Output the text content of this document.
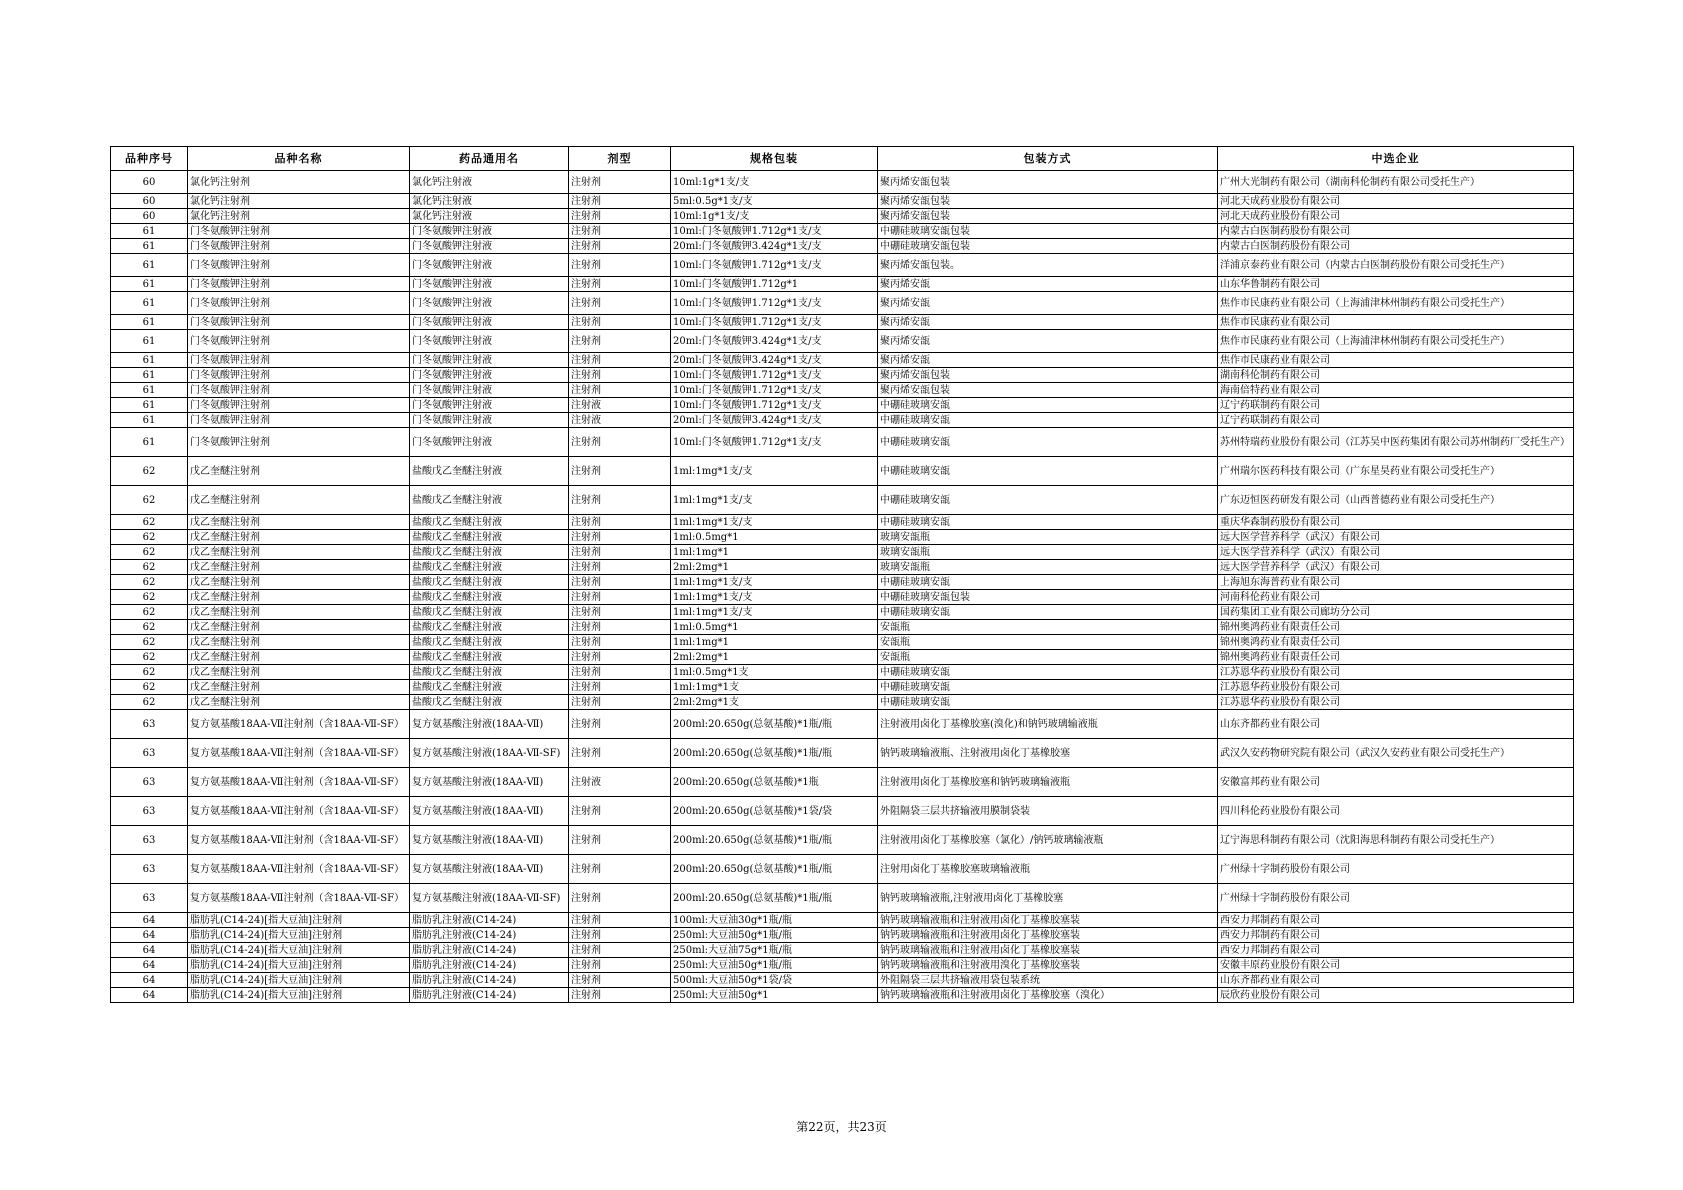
品种序号	品种名称	药品通用名	剂型	规格包装	包装方式	中选企业
60	氯化钙注射剂	氯化钙注射液	注射剂	10ml:1g*1支/支	聚丙烯安瓿包装	广州大光制药有限公司（湖南科伦制药有限公司受托生产）
60	氯化钙注射剂	氯化钙注射液	注射剂	5ml:0.5g*1支/支	聚丙烯安瓿包装	河北天成药业股份有限公司
60	氯化钙注射剂	氯化钙注射液	注射剂	10ml:1g*1支/支	聚丙烯安瓿包装	河北天成药业股份有限公司
61	门冬氨酸钾注射剂	门冬氨酸钾注射液	注射剂	10ml:门冬氨酸钾1.712g*1支/支	中硼硅玻璃安瓿包装	内蒙古白医制药股份有限公司
61	门冬氨酸钾注射剂	门冬氨酸钾注射液	注射剂	20ml:门冬氨酸钾3.424g*1支/支	中硼硅玻璃安瓿包装	内蒙古白医制药股份有限公司
61	门冬氨酸钾注射剂	门冬氨酸钾注射液	注射剂	10ml:门冬氨酸钾1.712g*1支/支	聚丙烯安瓿包装。	洋浦京泰药业有限公司（内蒙古白医制药股份有限公司受托生产）
61	门冬氨酸钾注射剂	门冬氨酸钾注射液	注射剂	10ml:门冬氨酸钾1.712g*1	聚丙烯安瓿	山东华鲁制药有限公司
61	门冬氨酸钾注射剂	门冬氨酸钾注射液	注射剂	10ml:门冬氨酸钾1.712g*1支/支	聚丙烯安瓿	焦作市民康药业有限公司（上海浦津林州制药有限公司受托生产）
61	门冬氨酸钾注射剂	门冬氨酸钾注射液	注射剂	10ml:门冬氨酸钾1.712g*1支/支	聚丙烯安瓿	焦作市民康药业有限公司
61	门冬氨酸钾注射剂	门冬氨酸钾注射液	注射剂	20ml:门冬氨酸钾3.424g*1支/支	聚丙烯安瓿	焦作市民康药业有限公司（上海浦津林州制药有限公司受托生产）
61	门冬氨酸钾注射剂	门冬氨酸钾注射液	注射剂	20ml:门冬氨酸钾3.424g*1支/支	聚丙烯安瓿	焦作市民康药业有限公司
61	门冬氨酸钾注射剂	门冬氨酸钾注射液	注射剂	10ml:门冬氨酸钾1.712g*1支/支	聚丙烯安瓿包装	湖南科伦制药有限公司
61	门冬氨酸钾注射剂	门冬氨酸钾注射液	注射剂	10ml:门冬氨酸钾1.712g*1支/支	聚丙烯安瓿包装	海南倍特药业有限公司
61	门冬氨酸钾注射剂	门冬氨酸钾注射液	注射液	10ml:门冬氨酸钾1.712g*1支/支	中硼硅玻璃安瓿	辽宁药联制药有限公司
61	门冬氨酸钾注射剂	门冬氨酸钾注射液	注射液	20ml:门冬氨酸钾3.424g*1支/支	中硼硅玻璃安瓿	辽宁药联制药有限公司
61	门冬氨酸钾注射剂	门冬氨酸钾注射液	注射剂	10ml:门冬氨酸钾1.712g*1支/支	中硼硅玻璃安瓿	苏州特瑞药业股份有限公司（江苏吴中医药集团有限公司苏州制药厂受托生产）
62	戊乙奎醚注射剂	盐酸戊乙奎醚注射液	注射剂	1ml:1mg*1支/支	中硼硅玻璃安瓿	广州瑞尔医药科技有限公司（广东星昊药业有限公司受托生产）
62	戊乙奎醚注射剂	盐酸戊乙奎醚注射液	注射剂	1ml:1mg*1支/支	中硼硅玻璃安瓿	广东迈恒医药研发有限公司（山西普德药业有限公司受托生产）
62	戊乙奎醚注射剂	盐酸戊乙奎醚注射液	注射剂	1ml:1mg*1支/支	中硼硅玻璃安瓿	重庆华森制药股份有限公司
62	戊乙奎醚注射剂	盐酸戊乙奎醚注射液	注射剂	1ml:0.5mg*1	玻璃安瓿瓶	远大医学营养科学（武汉）有限公司
62	戊乙奎醚注射剂	盐酸戊乙奎醚注射液	注射剂	1ml:1mg*1	玻璃安瓿瓶	远大医学营养科学（武汉）有限公司
62	戊乙奎醚注射剂	盐酸戊乙奎醚注射液	注射剂	2ml:2mg*1	玻璃安瓿瓶	远大医学营养科学（武汉）有限公司
62	戊乙奎醚注射剂	盐酸戊乙奎醚注射液	注射剂	1ml:1mg*1支/支	中硼硅玻璃安瓿	上海旭东海普药业有限公司
62	戊乙奎醚注射剂	盐酸戊乙奎醚注射液	注射剂	1ml:1mg*1支/支	中硼硅玻璃安瓿包装	河南科伦药业有限公司
62	戊乙奎醚注射剂	盐酸戊乙奎醚注射液	注射剂	1ml:1mg*1支/支	中硼硅玻璃安瓿	国药集团工业有限公司廊坊分公司
62	戊乙奎醚注射剂	盐酸戊乙奎醚注射液	注射剂	1ml:0.5mg*1	安瓿瓶	锦州奥鸿药业有限责任公司
62	戊乙奎醚注射剂	盐酸戊乙奎醚注射液	注射剂	1ml:1mg*1	安瓿瓶	锦州奥鸿药业有限责任公司
62	戊乙奎醚注射剂	盐酸戊乙奎醚注射液	注射剂	2ml:2mg*1	安瓿瓶	锦州奥鸿药业有限责任公司
62	戊乙奎醚注射剂	盐酸戊乙奎醚注射液	注射剂	1ml:0.5mg*1支	中硼硅玻璃安瓿	江苏恩华药业股份有限公司
62	戊乙奎醚注射剂	盐酸戊乙奎醚注射液	注射剂	1ml:1mg*1支	中硼硅玻璃安瓿	江苏恩华药业股份有限公司
62	戊乙奎醚注射剂	盐酸戊乙奎醚注射液	注射剂	2ml:2mg*1支	中硼硅玻璃安瓿	江苏恩华药业股份有限公司
63	复方氨基酸18AA-Ⅶ注射剂（含18AA-Ⅶ-SF）	复方氨基酸注射液(18AA-Ⅶ)	注射剂	200ml:20.650g(总氨基酸)*1瓶/瓶	注射液用卤化丁基橡胶塞(溴化)和钠钙玻璃输液瓶	山东齐都药业有限公司
63	复方氨基酸18AA-Ⅶ注射剂（含18AA-Ⅶ-SF）	复方氨基酸注射液(18AA-Ⅶ-SF)	注射剂	200ml:20.650g(总氨基酸)*1瓶/瓶	钠钙玻璃输液瓶、注射液用卤化丁基橡胶塞	武汉久安药物研究院有限公司（武汉久安药业有限公司受托生产）
63	复方氨基酸18AA-Ⅶ注射剂（含18AA-Ⅶ-SF）	复方氨基酸注射液(18AA-Ⅶ)	注射液	200ml:20.650g(总氨基酸)*1瓶	注射液用卤化丁基橡胶塞和钠钙玻璃输液瓶	安徽富邦药业有限公司
63	复方氨基酸18AA-Ⅶ注射剂（含18AA-Ⅶ-SF）	复方氨基酸注射液(18AA-Ⅶ)	注射剂	200ml:20.650g(总氨基酸)*1袋/袋	外阻隔袋三层共挤输液用膜制袋装	四川科伦药业股份有限公司
63	复方氨基酸18AA-Ⅶ注射剂（含18AA-Ⅶ-SF）	复方氨基酸注射液(18AA-Ⅶ)	注射剂	200ml:20.650g(总氨基酸)*1瓶/瓶	注射液用卤化丁基橡胶塞（氯化）/钠钙玻璃输液瓶	辽宁海思科制药有限公司（沈阳海思科制药有限公司受托生产）
63	复方氨基酸18AA-Ⅶ注射剂（含18AA-Ⅶ-SF）	复方氨基酸注射液(18AA-Ⅶ)	注射剂	200ml:20.650g(总氨基酸)*1瓶/瓶	注射用卤化丁基橡胶塞玻璃输液瓶	广州绿十字制药股份有限公司
63	复方氨基酸18AA-Ⅶ注射剂（含18AA-Ⅶ-SF）	复方氨基酸注射液(18AA-Ⅶ-SF)	注射剂	200ml:20.650g(总氨基酸)*1瓶/瓶	钠钙玻璃输液瓶,注射液用卤化丁基橡胶塞	广州绿十字制药股份有限公司
64	脂肪乳(C14-24)[指大豆油]注射剂	脂肪乳注射液(C14-24)	注射剂	100ml:大豆油30g*1瓶/瓶	钠钙玻璃输液瓶和注射液用卤化丁基橡胶塞装	西安力邦制药有限公司
64	脂肪乳(C14-24)[指大豆油]注射剂	脂肪乳注射液(C14-24)	注射剂	250ml:大豆油50g*1瓶/瓶	钠钙玻璃输液瓶和注射液用卤化丁基橡胶塞装	西安力邦制药有限公司
64	脂肪乳(C14-24)[指大豆油]注射剂	脂肪乳注射液(C14-24)	注射剂	250ml:大豆油75g*1瓶/瓶	钠钙玻璃输液瓶和注射液用卤化丁基橡胶塞装	西安力邦制药有限公司
64	脂肪乳(C14-24)[指大豆油]注射剂	脂肪乳注射液(C14-24)	注射剂	250ml:大豆油50g*1瓶/瓶	钠钙玻璃输液瓶和注射液用溴化丁基橡胶塞装	安徽丰原药业股份有限公司
64	脂肪乳(C14-24)[指大豆油]注射剂	脂肪乳注射液(C14-24)	注射剂	500ml:大豆油50g*1袋/袋	外阻隔袋三层共挤输液用袋包装系统	山东齐都药业有限公司
64	脂肪乳(C14-24)[指大豆油]注射剂	脂肪乳注射液(C14-24)	注射剂	250ml:大豆油50g*1	钠钙玻璃输液瓶和注射液用卤化丁基橡胶塞（溴化）	辰欣药业股份有限公司
第22页，共23页
